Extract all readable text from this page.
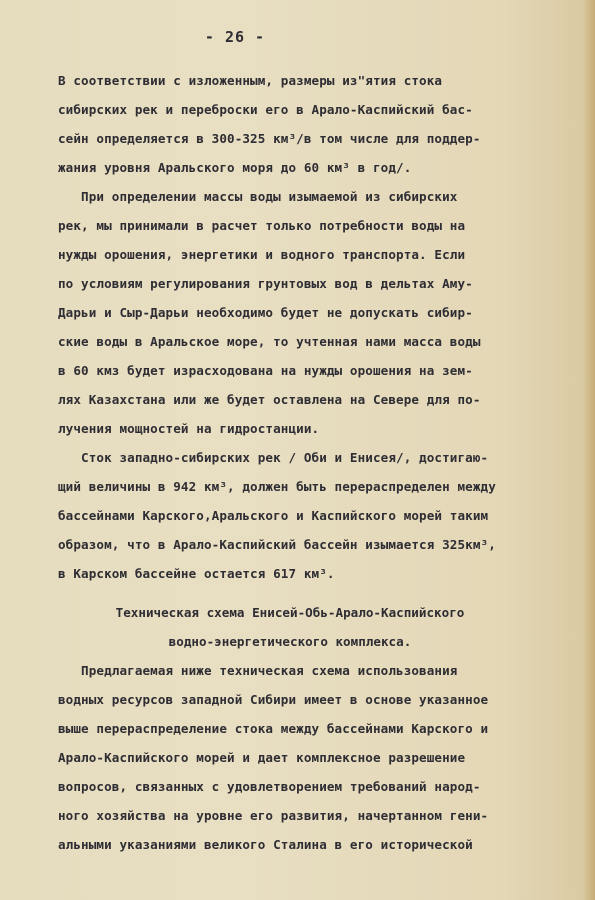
- 26 -
В соответствии с изложенным, размеры из"ятия стока
сибирских рек и переброски его в Арало-Каспийский бас-
сейн определяется в 300-325 км³/в том числе для поддер-
жания уровня Аральского моря до 60 км³ в год/.
При определении массы воды изымаемой из сибирских
рек, мы принимали в расчет только потребности воды на
нужды орошения, энергетики и водного транспорта. Если
по условиям регулирования грунтовых вод в дельтах Аму-
Дарьи и Сыр-Дарьи необходимо будет не допускать сибир-
ские воды в Аральское море, то учтенная нами масса воды
в 60 кмз будет израсходована на нужды орошения на зем-
лях Казахстана или же будет оставлена на Севере для по-
лучения мощностей на гидростанции.
Сток западно-сибирских рек / Оби и Енисея/, достигаю-
щий величины в 942 км³, должен быть перераспределен между
бассейнами Карского,Аральского и Каспийского морей таким
образом, что в Арало-Каспийский бассейн изымается 325км³,
в Карском бассейне остается 617 км³.
Техническая схема Енисей-Обь-Арало-Каспийского
водно-энергетического комплекса.
Предлагаемая ниже техническая схема использования
водных ресурсов западной Сибири имеет в основе указанное
выше перераспределение стока между бассейнами Карского и
Арало-Каспийского морей и дает комплексное разрешение
вопросов, связанных с удовлетворением требований народ-
ного хозяйства на уровне его развития, начертанном гени-
альными указаниями великого Сталина в его исторической
